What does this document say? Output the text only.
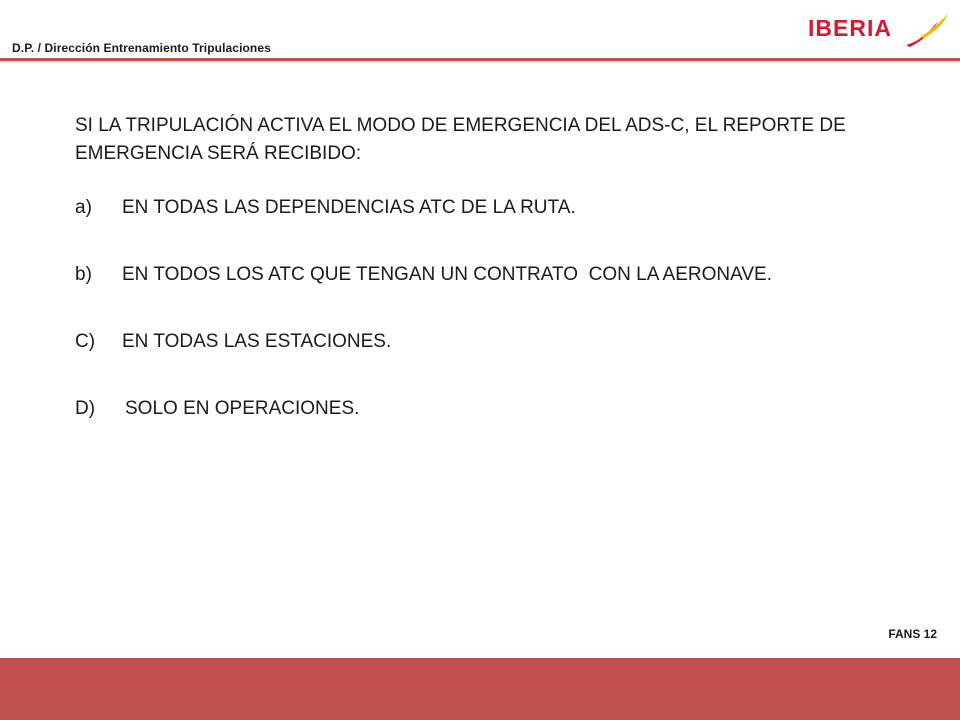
D.P. / Dirección Entrenamiento Tripulaciones
IBERIA

SI LA TRIPULACIÓN ACTIVA EL MODO DE EMERGENCIA DEL ADS-C, EL REPORTE DE EMERGENCIA SERÁ RECIBIDO:

a)	EN TODAS LAS DEPENDENCIAS ATC DE LA RUTA.
b)	EN TODOS LOS ATC QUE TENGAN UN CONTRATO  CON LA AERONAVE.
C)	EN TODAS LAS ESTACIONES.
D)	SOLO EN OPERACIONES.
FANS 12
